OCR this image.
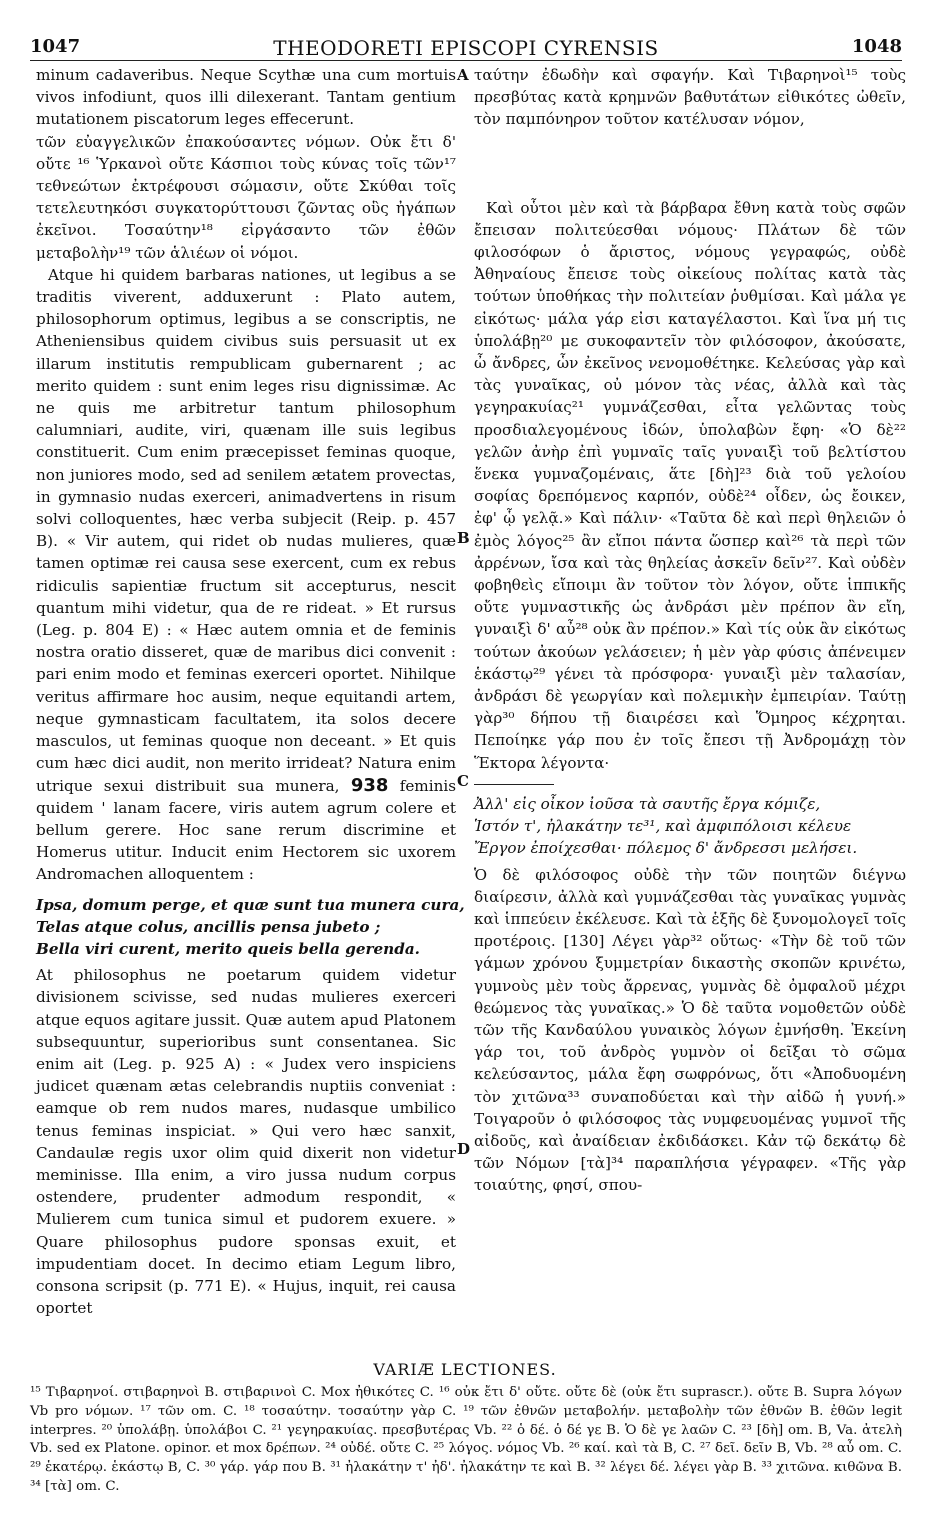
1047	THEODORETI EPISCOPI CYRENSIS	1048
A
B
C
D

minum cadaveribus. Neque Scythæ una cum mortuis vivos infodiunt, quos illi dilexerant. Tantam gentium mutationem piscatorum leges effecerunt.

τῶν εὐαγγελικῶν ἐπακούσαντες νόμων. Οὐκ ἔτι δ' οὔτε ¹⁶ Ὑρκανοὶ οὔτε Κάσπιοι τοὺς κύνας τοῖς τῶν¹⁷ τεθνεώτων ἐκτρέφουσι σώμασιν, οὔτε Σκύθαι τοῖς τετελευτηκόσι συγκατορύττουσι ζῶντας οὓς ἠγάπων ἐκεῖνοι. Τοσαύτην¹⁸ εἰργάσαντο τῶν ἐθῶν μεταβολὴν¹⁹ τῶν ἁλιέων οἱ νόμοι.

Atque hi quidem barbaras nationes, ut legibus a se traditis viverent, adduxerunt : Plato autem, philosophorum optimus, legibus a se conscriptis, ne Atheniensibus quidem civibus suis persuasit ut ex illarum institutis rempublicam gubernarent ; ac merito quidem : sunt enim leges risu dignissimæ. Ac ne quis me arbitretur tantum philosophum calumniari, audite, viri, quænam ille suis legibus constituerit. Cum enim præcepisset feminas quoque, non juniores modo, sed ad senilem ætatem provectas, in gymnasio nudas exerceri, animadvertens in risum solvi colloquentes, hæc verba subjecit (Reip. p. 457 B). « Vir autem, qui ridet ob nudas mulieres, quæ tamen optimæ rei causa sese exercent, cum ex rebus ridiculis sapientiæ fructum sit accepturus, nescit quantum mihi videtur, qua de re rideat. » Et rursus (Leg. p. 804 E) : « Hæc autem omnia et de feminis nostra oratio disseret, quæ de maribus dici convenit : pari enim modo et feminas exerceri oportet. Nihilque veritus affirmare hoc ausim, neque equitandi artem, neque gymnasticam facultatem, ita solos decere masculos, ut feminas quoque non deceant. » Et quis cum hæc dici audit, non merito irrideat? Natura enim utrique sexui distribuit sua munera, 938 feminis quidem ' lanam facere, viris autem agrum colere et bellum gerere. Hoc sane rerum discrimine et Homerus utitur. Inducit enim Hectorem sic uxorem Andromachen alloquentem :

Ipsa, domum perge, et quæ sunt tua munera cura,
Telas atque colus, ancillis pensa jubeto ;
Bella viri curent, merito queis bella gerenda.

At philosophus ne poetarum quidem videtur divisionem scivisse, sed nudas mulieres exerceri atque equos agitare jussit. Quæ autem apud Platonem subsequuntur, superioribus sunt consentanea. Sic enim ait (Leg. p. 925 A) : « Judex vero inspiciens judicet quænam ætas celebrandis nuptiis conveniat : eamque ob rem nudos mares, nudasque umbilico tenus feminas inspiciat. » Qui vero hæc sanxit, Candaulæ regis uxor olim quid dixerit non videtur meminisse. Illa enim, a viro jussa nudum corpus ostendere, prudenter admodum respondit, « Mulierem cum tunica simul et pudorem exuere. » Quare philosophus pudore sponsas exuit, et impudentiam docet. In decimo etiam Legum libro, consona scripsit (p. 771 E). « Hujus, inquit, rei causa oportet

ταύτην ἐδωδὴν καὶ σφαγήν. Καὶ Τιβαρηνοὶ¹⁵ τοὺς πρεσβύτας κατὰ κρημνῶν βαθυτάτων εἰθικότες ὠθεῖν, τὸν παμπόνηρον τοῦτον κατέλυσαν νόμον,

Καὶ οὗτοι μὲν καὶ τὰ βάρβαρα ἔθνη κατὰ τοὺς σφῶν ἔπεισαν πολιτεύεσθαι νόμους· Πλάτων δὲ τῶν φιλοσόφων ὁ ἄριστος, νόμους γεγραφώς, οὐδὲ Ἀθηναίους ἔπεισε τοὺς οἰκείους πολίτας κατὰ τὰς τούτων ὑποθήκας τὴν πολιτείαν ῥυθμίσαι. Καὶ μάλα γε εἰκότως· μάλα γάρ εἰσι καταγέλαστοι. Καὶ ἵνα μή τις ὑπολάβῃ²⁰ με συκοφαντεῖν τὸν φιλόσοφον, ἀκούσατε, ὦ ἄνδρες, ὧν ἐκεῖνος νενομοθέτηκε. Κελεύσας γὰρ καὶ τὰς γυναῖκας, οὐ μόνον τὰς νέας, ἀλλὰ καὶ τὰς γεγηρακυίας²¹ γυμνάζεσθαι, εἶτα γελῶντας τοὺς προσδιαλεγομένους ἰδών, ὑπολαβὼν ἔφη· «Ὁ δὲ²² γελῶν ἀνὴρ ἐπὶ γυμναῖς ταῖς γυναιξὶ τοῦ βελτίστου ἕνεκα γυμναζομέναις, ἅτε [δὴ]²³ διὰ τοῦ γελοίου σοφίας δρεπόμενος καρπόν, οὐδὲ²⁴ οἶδεν, ὡς ἔοικεν, ἐφ' ᾧ γελᾷ.» Καὶ πάλιν· «Ταῦτα δὲ καὶ περὶ θηλειῶν ὁ ἐμὸς λόγος²⁵ ἂν εἴποι πάντα ὥσπερ καὶ²⁶ τὰ περὶ τῶν ἀρρένων, ἴσα καὶ τὰς θηλείας ἀσκεῖν δεῖν²⁷. Καὶ οὐδὲν φοβηθεὶς εἴποιμι ἂν τοῦτον τὸν λόγον, οὔτε ἱππικῆς οὔτε γυμναστικῆς ὡς ἀνδράσι μὲν πρέπον ἂν εἴη, γυναιξὶ δ' αὖ²⁸ οὐκ ἂν πρέπον.» Καὶ τίς οὐκ ἂν εἰκότως τούτων ἀκούων γελάσειεν; ἡ μὲν γὰρ φύσις ἀπένειμεν ἑκάστῳ²⁹ γένει τὰ πρόσφορα· γυναιξὶ μὲν ταλασίαν, ἀνδράσι δὲ γεωργίαν καὶ πολεμικὴν ἐμπειρίαν. Ταύτῃ γὰρ³⁰ δήπου τῇ διαιρέσει καὶ Ὅμηρος κέχρηται. Πεποίηκε γάρ που ἐν τοῖς ἔπεσι τῇ Ἀνδρομάχῃ τὸν Ἕκτορα λέγοντα·

Ἀλλ' εἰς οἶκον ἰοῦσα τὰ σαυτῆς ἔργα κόμιζε,
Ἱστόν τ', ἠλακάτην τε³¹, καὶ ἀμφιπόλοισι κέλευε
Ἔργον ἐποίχεσθαι· πόλεμος δ' ἄνδρεσσι μελήσει.

Ὁ δὲ φιλόσοφος οὐδὲ τὴν τῶν ποιητῶν διέγνω διαίρεσιν, ἀλλὰ καὶ γυμνάζεσθαι τὰς γυναῖκας γυμνὰς καὶ ἱππεύειν ἐκέλευσε. Καὶ τὰ ἑξῆς δὲ ξυνομολογεῖ τοῖς προτέροις. [130] Λέγει γὰρ³² οὕτως· «Τὴν δὲ τοῦ τῶν γάμων χρόνου ξυμμετρίαν δικαστὴς σκοπῶν κρινέτω, γυμνοὺς μὲν τοὺς ἄρρενας, γυμνὰς δὲ ὀμφαλοῦ μέχρι θεώμενος τὰς γυναῖκας.» Ὁ δὲ ταῦτα νομοθετῶν οὐδὲ τῶν τῆς Κανδαύλου γυναικὸς λόγων ἐμνήσθη. Ἐκείνη γάρ τοι, τοῦ ἀνδρὸς γυμνὸν οἱ δεῖξαι τὸ σῶμα κελεύσαντος, μάλα ἔφη σωφρόνως, ὅτι «Ἀποδυομένη τὸν χιτῶνα³³ συναποδύεται καὶ τὴν αἰδῶ ἡ γυνή.» Τοιγαροῦν ὁ φιλόσοφος τὰς νυμφευομένας γυμνοῖ τῆς αἰδοῦς, καὶ ἀναίδειαν ἐκδιδάσκει. Κἀν τῷ δεκάτῳ δὲ τῶν Νόμων [τὰ]³⁴ παραπλήσια γέγραφεν. «Τῆς γὰρ τοιαύτης, φησί, σπου-

VARIÆ LECTIONES.
¹⁵ Τιβαρηνοί. στιβαρηνοὶ B. στιβαρινοὶ C. Mox ἠθικότες C. ¹⁶ οὐκ ἔτι δ' οὔτε. οὔτε δὲ (οὐκ ἔτι suprascr.). οὔτε B. Supra λόγων Vb pro νόμων. ¹⁷ τῶν om. C. ¹⁸ τοσαύτην. τοσαύτην γὰρ C. ¹⁹ τῶν ἐθνῶν μεταβολήν. μεταβολὴν τῶν ἐθνῶν B. ἐθῶν legit interpres. ²⁰ ὑπολάβῃ. ὑπολάβοι C. ²¹ γεγηρακυίας. πρεσβυτέρας Vb. ²² ὁ δέ. ὁ δέ γε B. Ὁ δὲ γε λαῶν C. ²³ [δὴ] om. B, Va. ἀτελὴ Vb. sed ex Platone. opinor. et mox δρέπων. ²⁴ οὐδέ. οὔτε C. ²⁵ λόγος. νόμος Vb. ²⁶ καί. καὶ τὰ B, C. ²⁷ δεῖ. δεῖν B, Vb. ²⁸ αὖ om. C. ²⁹ ἑκατέρῳ. ἑκάστῳ B, C. ³⁰ γάρ. γάρ που B. ³¹ ἠλακάτην τ' ἠδ'. ἠλακάτην τε καὶ B. ³² λέγει δέ. λέγει γὰρ B. ³³ χιτῶνα. κιθῶνα B. ³⁴ [τὰ] om. C.
